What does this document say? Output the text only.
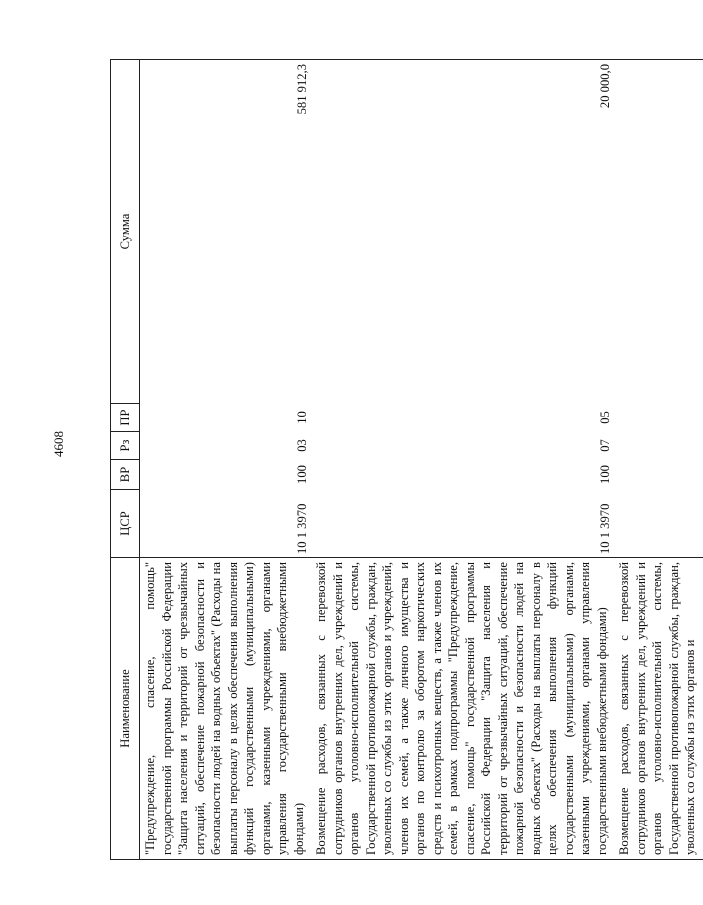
4608
Наименование	ЦСР	ВР	Рз	ПР	Сумма
"Предупреждение, спасение, помощь" государственной программы Российской Федерации "Защита населения и территорий от чрезвычайных ситуаций, обеспечение пожарной безопасности и безопасности людей на водных объектах" (Расходы на выплаты персоналу в целях обеспечения выполнения функций государственными (муниципальными) органами, казенными учреждениями, органами управления государственными внебюджетными фондами)	10 1 3970	100	03	10	581 912,3
Возмещение расходов, связанных с перевозкой сотрудников органов внутренних дел, учреждений и органов уголовно-исполнительной системы, Государственной противопожарной службы, граждан, уволенных со службы из этих органов и учреждений, членов их семей, а также личного имущества и органов по контролю за оборотом наркотических средств и психотропных веществ, а также членов их семей, в рамках подпрограммы "Предупреждение, спасение, помощь" государственной программы Российской Федерации "Защита населения и территорий от чрезвычайных ситуаций, обеспечение пожарной безопасности и безопасности людей на водных объектах" (Расходы на выплаты персоналу в целях обеспечения выполнения функций государственными (муниципальными) органами, казенными учреждениями, органами управления государственными внебюджетными фондами)	10 1 3970	100	07	05	20 000,0
Возмещение расходов, связанных с перевозкой сотрудников органов внутренних дел, учреждений и органов уголовно-исполнительной системы, Государственной противопожарной службы, граждан, уволенных со службы из этих органов и					
